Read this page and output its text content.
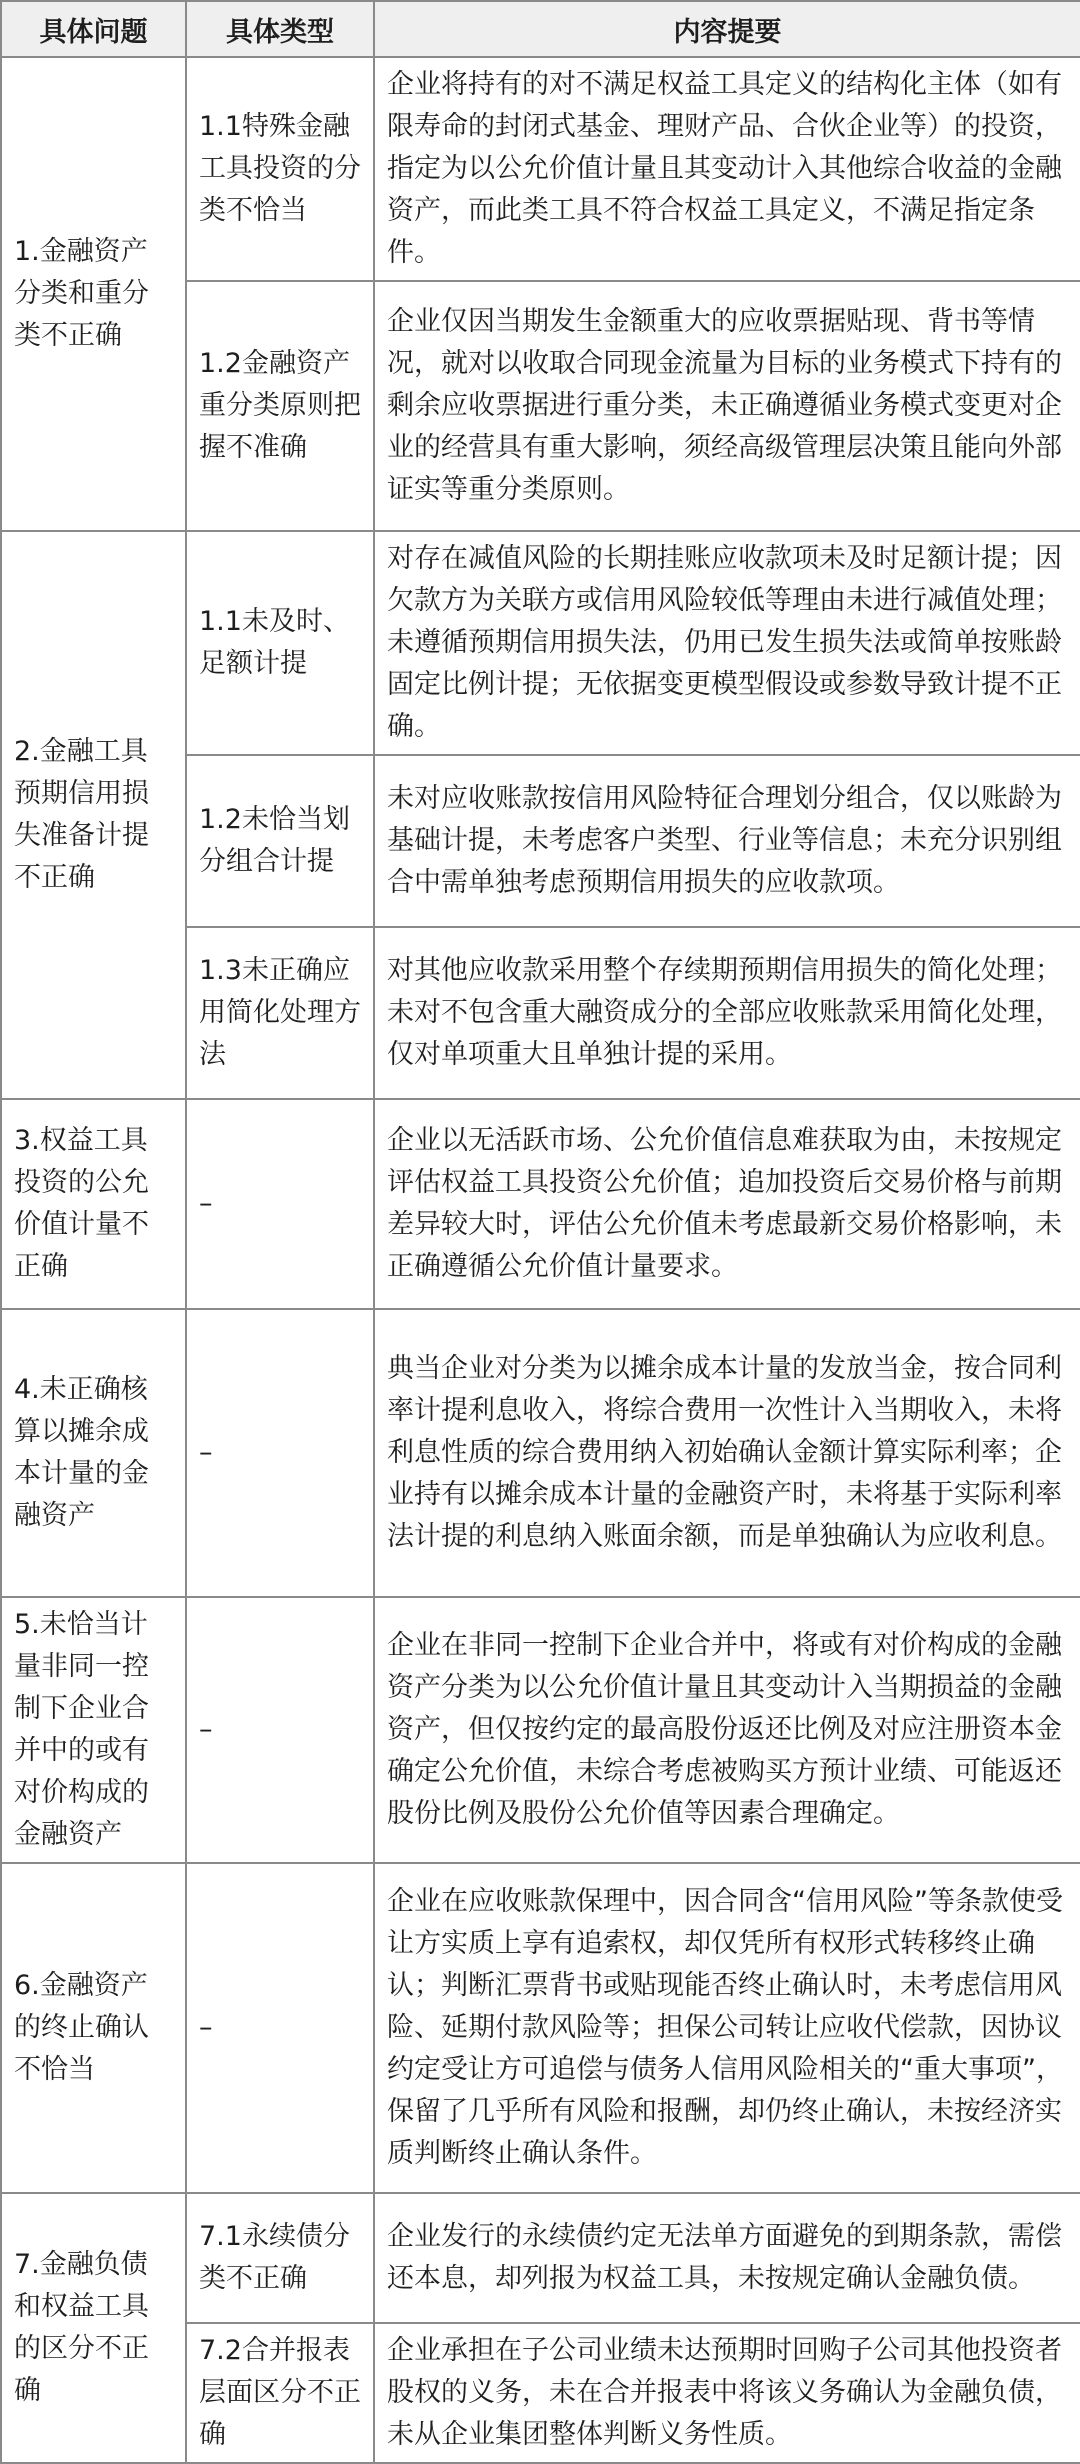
具体问题	具体类型	内容提要
1.金融资产分类和重分类不正确	1.1特殊金融工具投资的分类不恰当	企业将持有的对不满足权益工具定义的结构化主体（如有限寿命的封闭式基金、理财产品、合伙企业等）的投资，指定为以公允价值计量且其变动计入其他综合收益的金融资产，而此类工具不符合权益工具定义，不满足指定条件。
	1.2金融资产重分类原则把握不准确	企业仅因当期发生金额重大的应收票据贴现、背书等情况，就对以收取合同现金流量为目标的业务模式下持有的剩余应收票据进行重分类，未正确遵循业务模式变更对企业的经营具有重大影响，须经高级管理层决策且能向外部证实等重分类原则。
2.金融工具预期信用损失准备计提不正确	1.1未及时、足额计提	对存在减值风险的长期挂账应收款项未及时足额计提；因欠款方为关联方或信用风险较低等理由未进行减值处理；未遵循预期信用损失法，仍用已发生损失法或简单按账龄固定比例计提；无依据变更模型假设或参数导致计提不正确。
	1.2未恰当划分组合计提	未对应收账款按信用风险特征合理划分组合，仅以账龄为基础计提，未考虑客户类型、行业等信息；未充分识别组合中需单独考虑预期信用损失的应收款项。
	1.3未正确应用简化处理方法	对其他应收款采用整个存续期预期信用损失的简化处理；未对不包含重大融资成分的全部应收账款采用简化处理，仅对单项重大且单独计提的采用。
3.权益工具投资的公允价值计量不正确	–	企业以无活跃市场、公允价值信息难获取为由，未按规定评估权益工具投资公允价值；追加投资后交易价格与前期差异较大时，评估公允价值未考虑最新交易价格影响，未正确遵循公允价值计量要求。
4.未正确核算以摊余成本计量的金融资产	–	典当企业对分类为以摊余成本计量的发放当金，按合同利率计提利息收入，将综合费用一次性计入当期收入，未将利息性质的综合费用纳入初始确认金额计算实际利率；企业持有以摊余成本计量的金融资产时，未将基于实际利率法计提的利息纳入账面余额，而是单独确认为应收利息。
5.未恰当计量非同一控制下企业合并中的或有对价构成的金融资产	–	企业在非同一控制下企业合并中，将或有对价构成的金融资产分类为以公允价值计量且其变动计入当期损益的金融资产，但仅按约定的最高股份返还比例及对应注册资本金确定公允价值，未综合考虑被购买方预计业绩、可能返还股份比例及股份公允价值等因素合理确定。
6.金融资产的终止确认不恰当	–	企业在应收账款保理中，因合同含“信用风险”等条款使受让方实质上享有追索权，却仅凭所有权形式转移终止确认；判断汇票背书或贴现能否终止确认时，未考虑信用风险、延期付款风险等；担保公司转让应收代偿款，因协议约定受让方可追偿与债务人信用风险相关的“重大事项”，保留了几乎所有风险和报酬，却仍终止确认，未按经济实质判断终止确认条件。
7.金融负债和权益工具的区分不正确	7.1永续债分类不正确	企业发行的永续债约定无法单方面避免的到期条款，需偿还本息，却列报为权益工具，未按规定确认金融负债。
	7.2合并报表层面区分不正确	企业承担在子公司业绩未达预期时回购子公司其他投资者股权的义务，未在合并报表中将该义务确认为金融负债，未从企业集团整体判断义务性质。
